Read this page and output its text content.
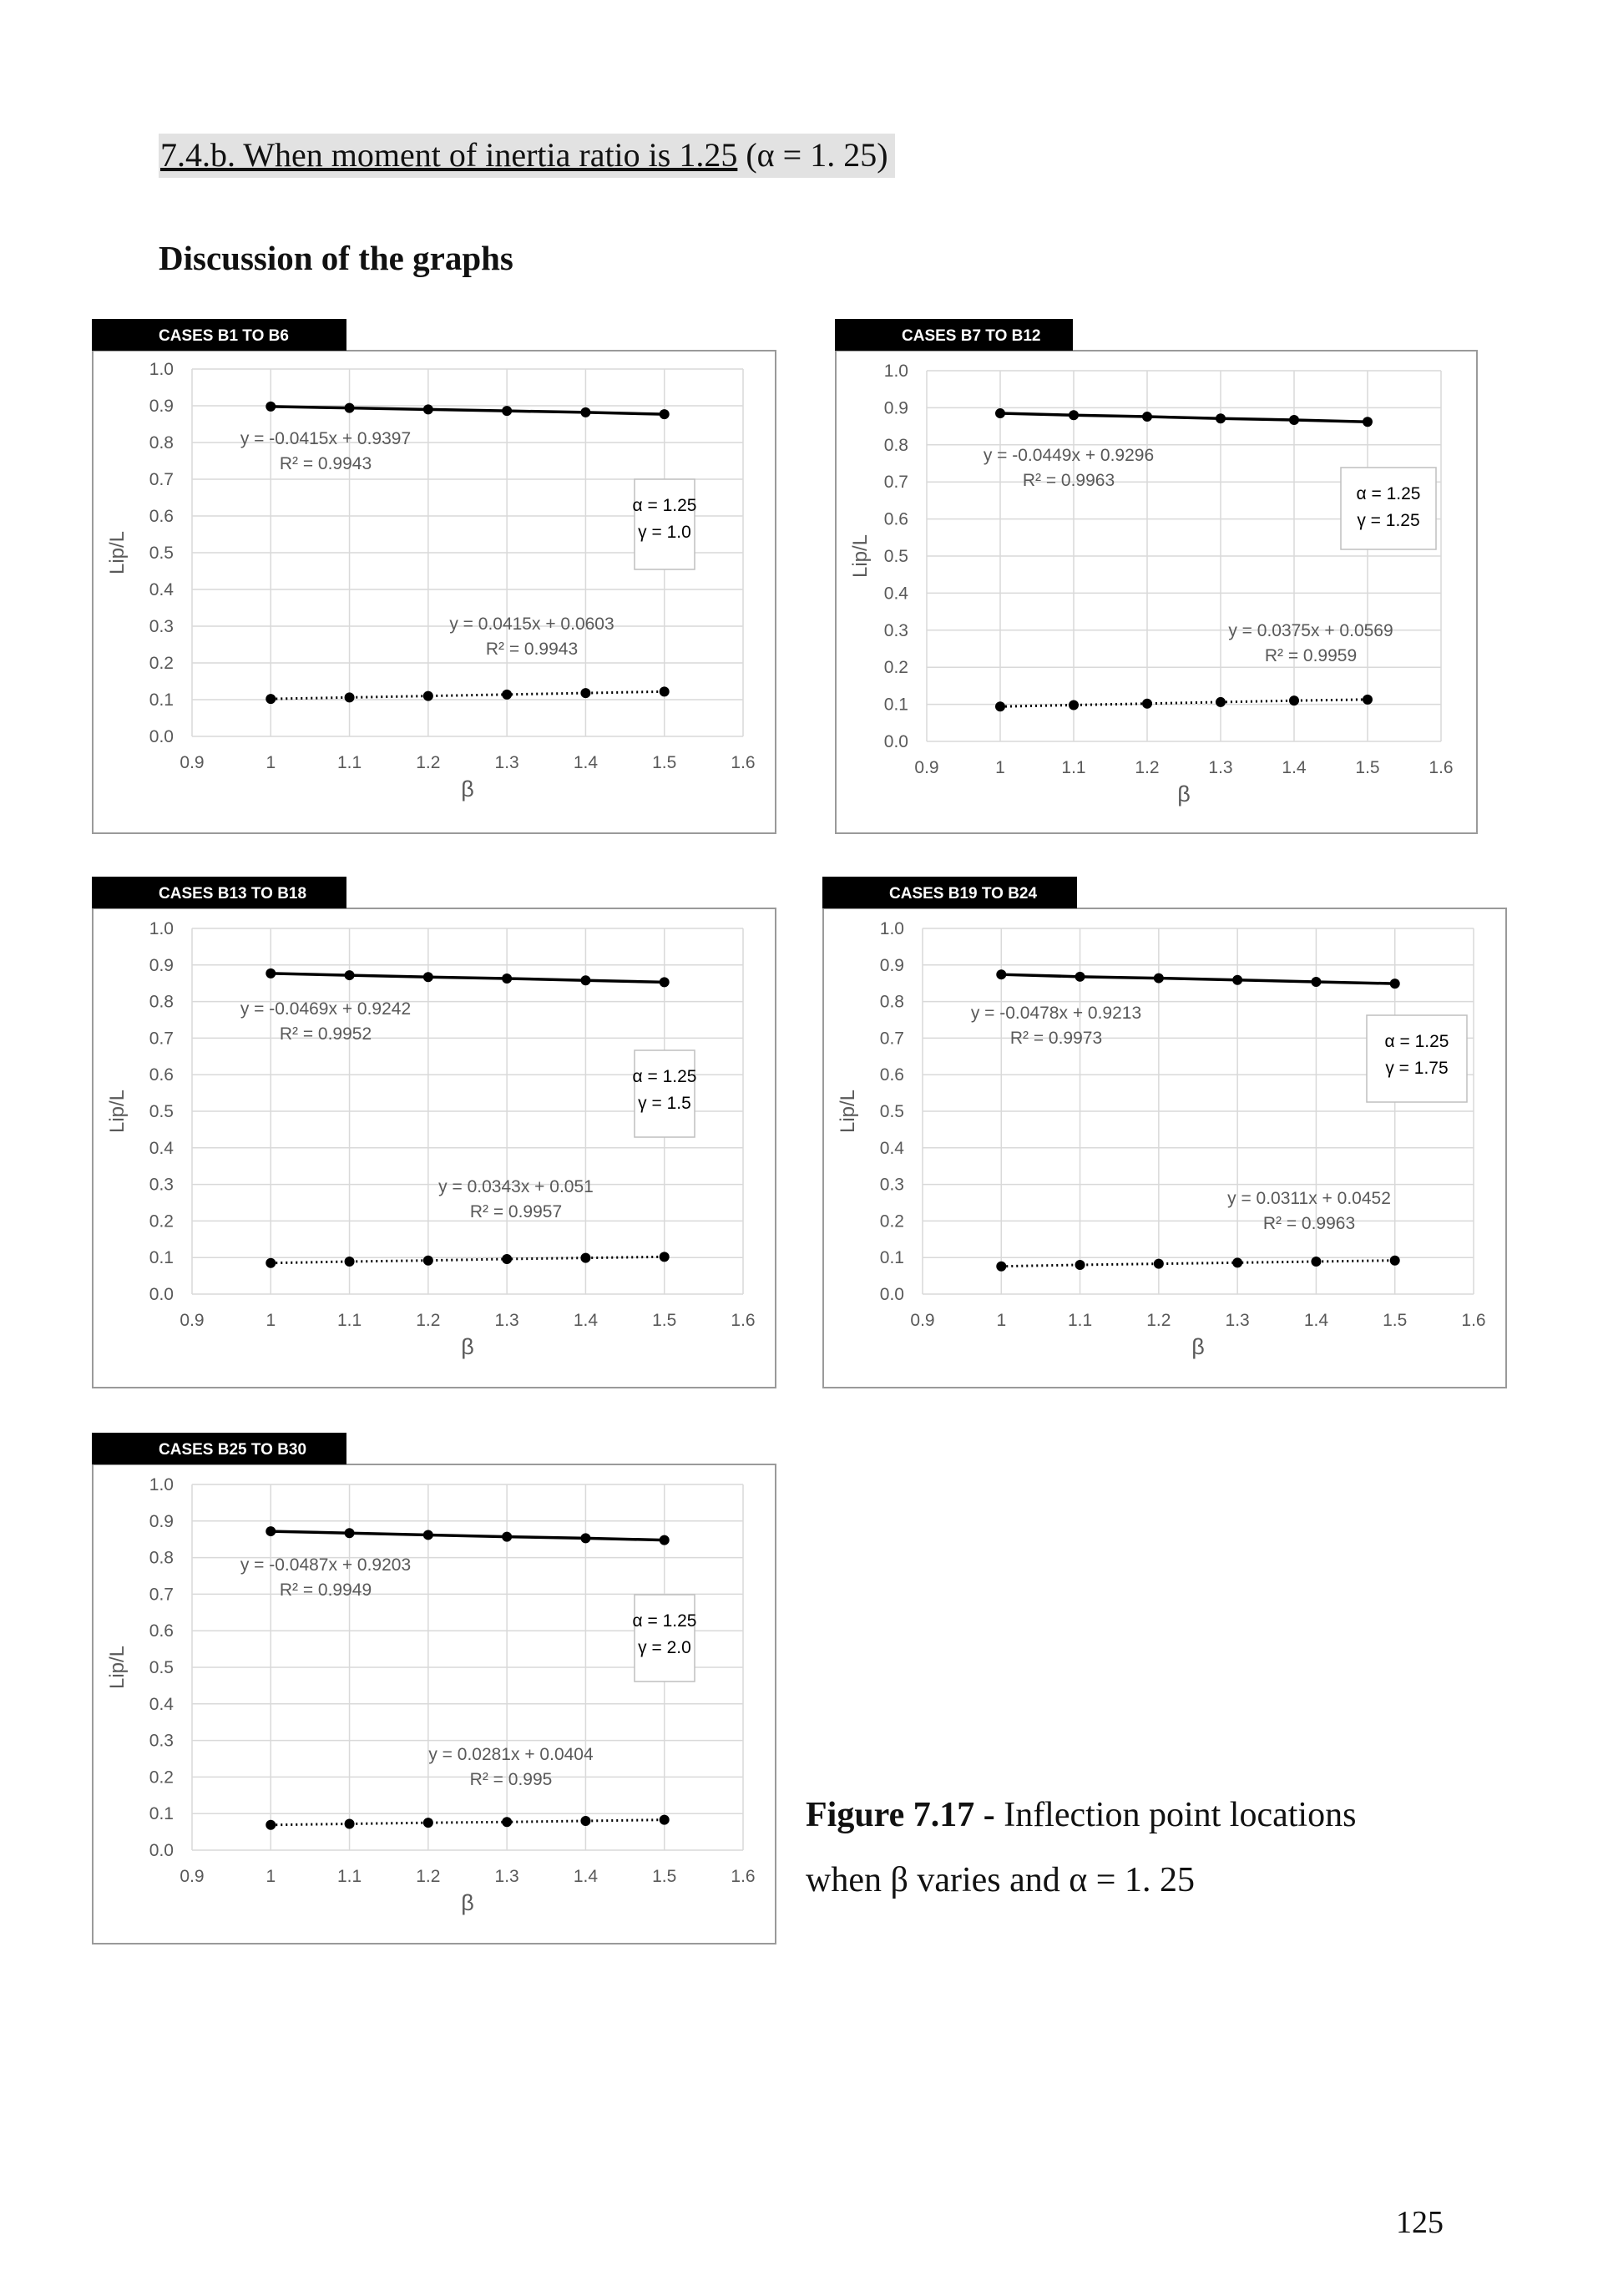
7.4.b. When moment of inertia ratio is 1.25 (α = 1. 25)
Discussion of the graphs
CASES B1 TO B6
0.0
0.1
0.2
0.3
0.4
0.5
0.6
0.7
0.8
0.9
1.0
0.9	1	1.1	1.2	1.3	1.4	1.5	1.6
β
Lip/L
y = -0.0415x + 0.9397
R² = 0.9943
y = 0.0415x + 0.0603
R² = 0.9943
α = 1.25
γ = 1.0
CASES B7 TO B12
0.0
0.1
0.2
0.3
0.4
0.5
0.6
0.7
0.8
0.9
1.0
0.9	1	1.1	1.2	1.3	1.4	1.5	1.6
β
Lip/L
y = -0.0449x + 0.9296
R² = 0.9963
y = 0.0375x + 0.0569
R² = 0.9959
α = 1.25
γ = 1.25
CASES B13 TO B18
0.0
0.1
0.2
0.3
0.4
0.5
0.6
0.7
0.8
0.9
1.0
0.9	1	1.1	1.2	1.3	1.4	1.5	1.6
β
Lip/L
y = -0.0469x + 0.9242
R² = 0.9952
y = 0.0343x + 0.051
R² = 0.9957
α = 1.25
γ = 1.5
CASES B19 TO B24
0.0
0.1
0.2
0.3
0.4
0.5
0.6
0.7
0.8
0.9
1.0
0.9	1	1.1	1.2	1.3	1.4	1.5	1.6
β
Lip/L
y = -0.0478x + 0.9213
R² = 0.9973
y = 0.0311x + 0.0452
R² = 0.9963
α = 1.25
γ = 1.75
CASES B25 TO B30
0.0
0.1
0.2
0.3
0.4
0.5
0.6
0.7
0.8
0.9
1.0
0.9	1	1.1	1.2	1.3	1.4	1.5	1.6
β
Lip/L
y = -0.0487x + 0.9203
R² = 0.9949
y = 0.0281x + 0.0404
R² = 0.995
α = 1.25
γ = 2.0
Figure 7.17 - Inflection point locations
when β varies and α = 1. 25
125
